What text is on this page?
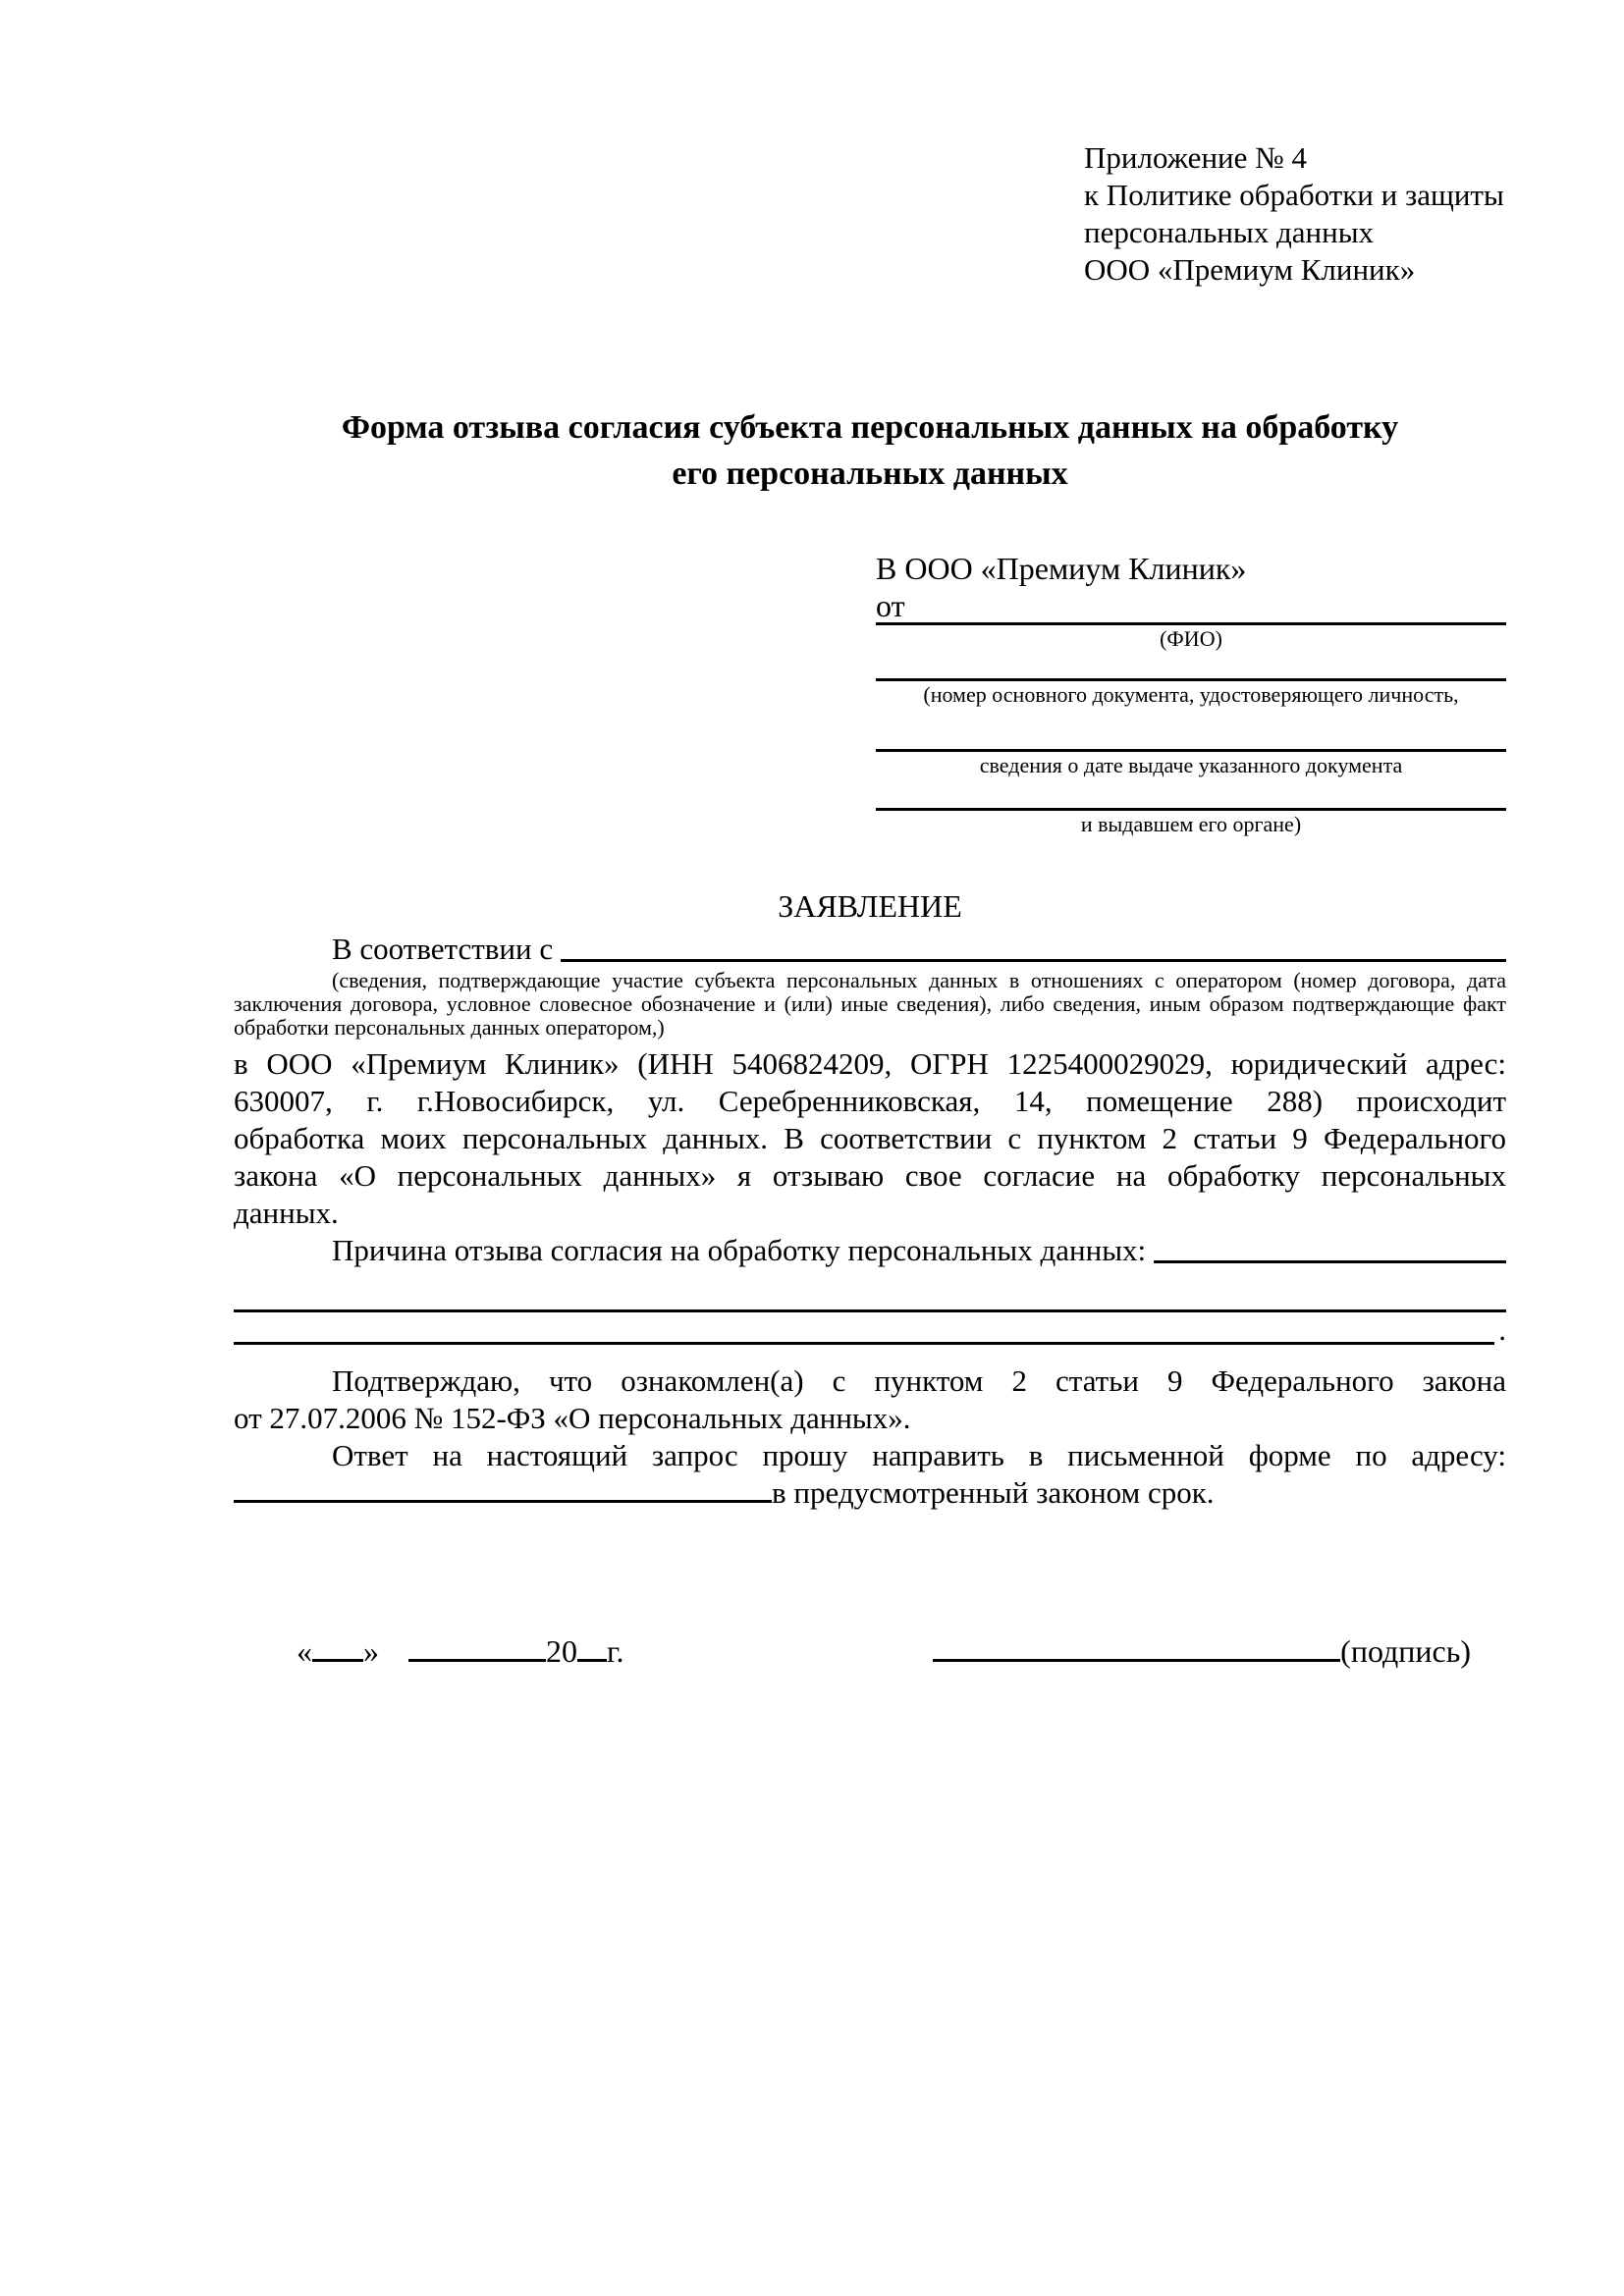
Приложение № 4
к Политике обработки и защиты
персональных данных
ООО «Премиум Клиник»
Форма отзыва согласия субъекта персональных данных на обработку
его персональных данных
В ООО «Премиум Клиник»
от
(ФИО)
(номер основного документа, удостоверяющего личность,
сведения о дате выдаче указанного документа
и выдавшем его органе)
ЗАЯВЛЕНИЕ
В соответствии с
(сведения, подтверждающие участие субъекта персональных данных в отношениях с оператором (номер договора, дата
заключения договора, условное словесное обозначение и (или) иные сведения), либо сведения, иным образом подтверждающие факт
обработки персональных данных оператором,)
в ООО «Премиум Клиник» (ИНН 5406824209, ОГРН 1225400029029, юридический адрес:
630007, г. г.Новосибирск, ул. Серебренниковская, 14, помещение 288) происходит
обработка моих персональных данных. В соответствии с пунктом 2 статьи 9 Федерального
закона «О персональных данных» я отзываю свое согласие на обработку персональных
данных.
Причина отзыва согласия на обработку персональных данных:
.
Подтверждаю, что ознакомлен(а) с пунктом 2 статьи 9 Федерального закона
от 27.07.2006 № 152-ФЗ «О персональных данных».
Ответ на настоящий запрос прошу направить в письменной форме по адресу:
в предусмотренный законом срок.

« »	20 г.
	(подпись)
